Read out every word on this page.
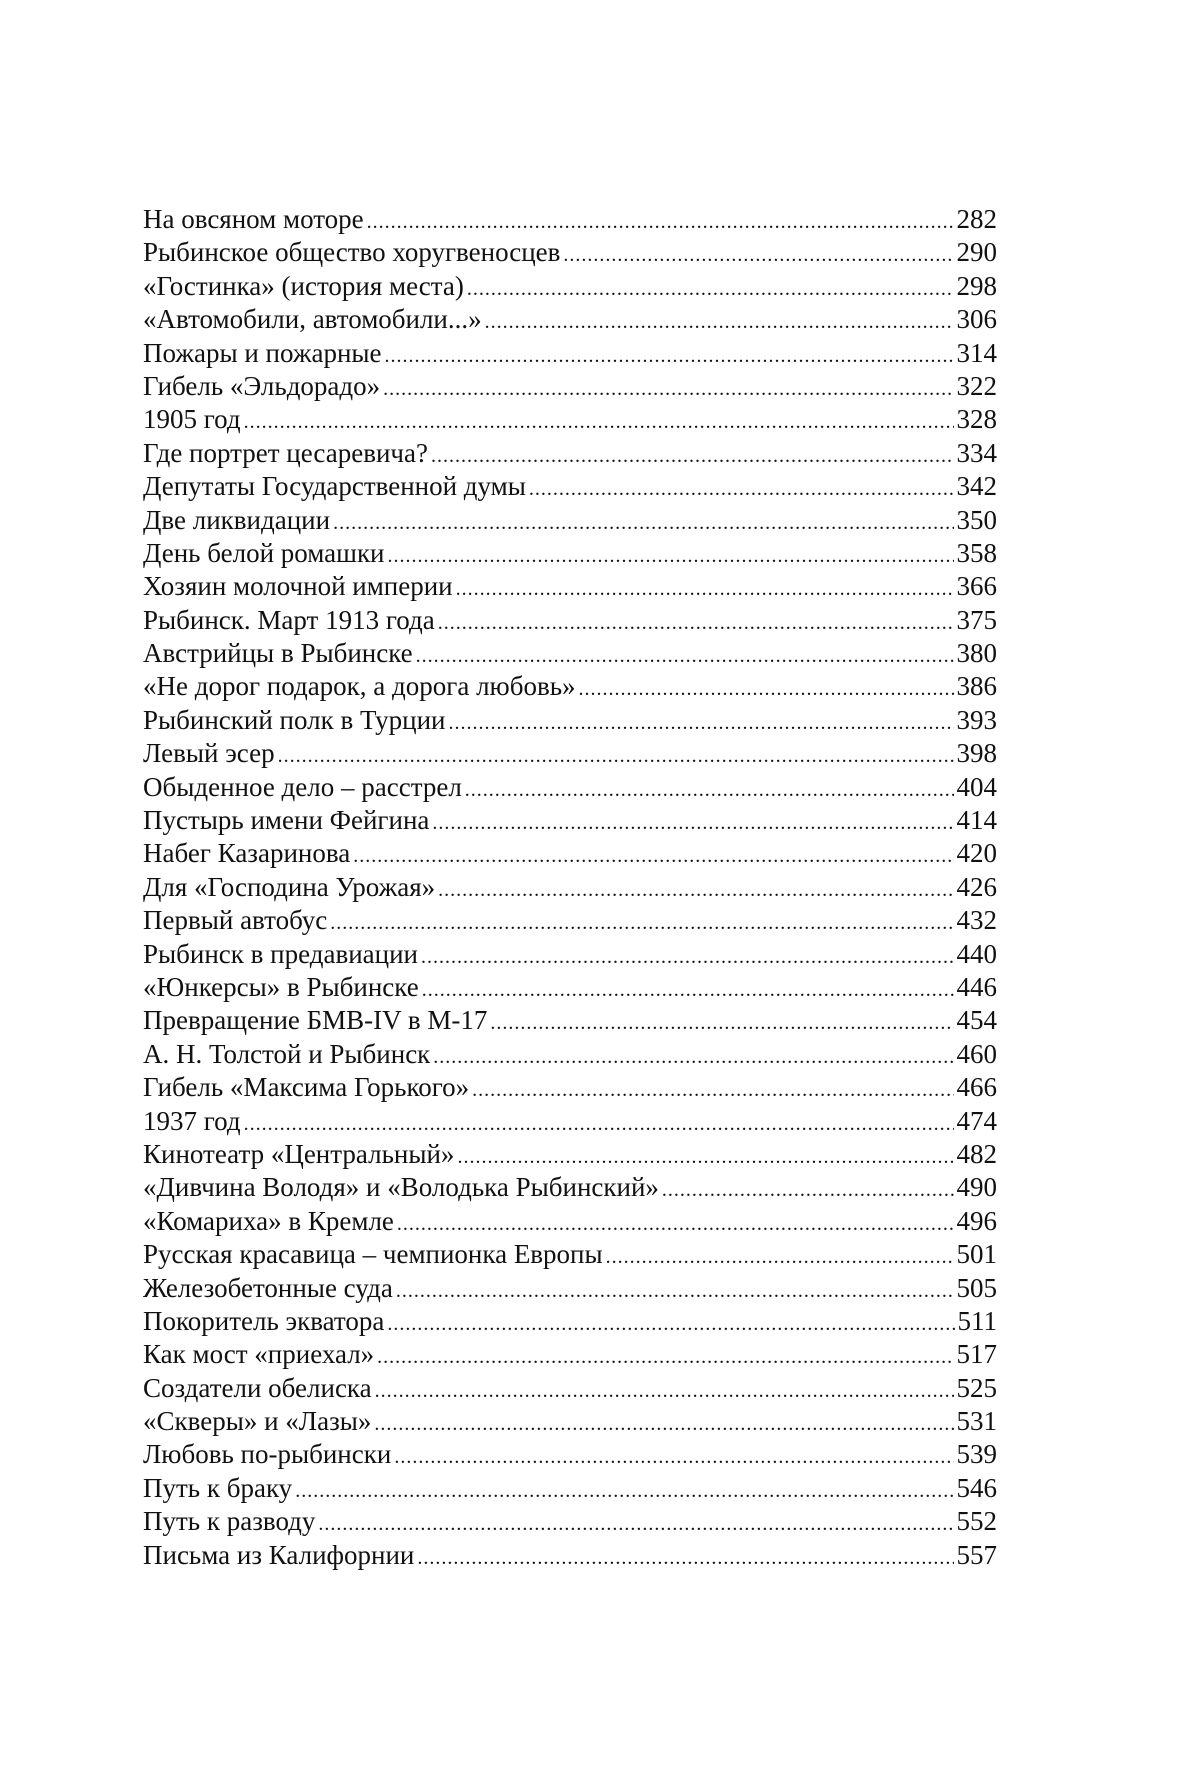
На овсяном моторе .....	282
Рыбинское общество хоругвеносцев .....	290
«Гостинка» (история места) .....	298
«Автомобили, автомобили...» .....	306
Пожары и пожарные .....	314
Гибель «Эльдорадо» .....	322
1905 год .....	328
Где портрет цесаревича? .....	334
Депутаты Государственной думы .....	342
Две ликвидации .....	350
День белой ромашки .....	358
Хозяин молочной империи .....	366
Рыбинск. Март 1913 года .....	375
Австрийцы в Рыбинске .....	380
«Не дорог подарок, а дорога любовь» .....	386
Рыбинский полк в Турции .....	393
Левый эсер .....	398
Обыденное дело – расстрел .....	404
Пустырь имени Фейгина .....	414
Набег Казаринова .....	420
Для «Господина Урожая» .....	426
Первый автобус .....	432
Рыбинск в предавиации .....	440
«Юнкерсы» в Рыбинске .....	446
Превращение БМВ-IV в М-17 .....	454
А. Н. Толстой и Рыбинск .....	460
Гибель «Максима Горького» .....	466
1937 год .....	474
Кинотеатр «Центральный» .....	482
«Дивчина Володя» и «Володька Рыбинский» .....	490
«Комариха» в Кремле .....	496
Русская красавица – чемпионка Европы .....	501
Железобетонные суда .....	505
Покоритель экватора .....	511
Как мост «приехал» .....	517
Создатели обелиска .....	525
«Скверы» и «Лазы» .....	531
Любовь по-рыбински .....	539
Путь к браку .....	546
Путь к разводу .....	552
Письма из Калифорнии .....	557
